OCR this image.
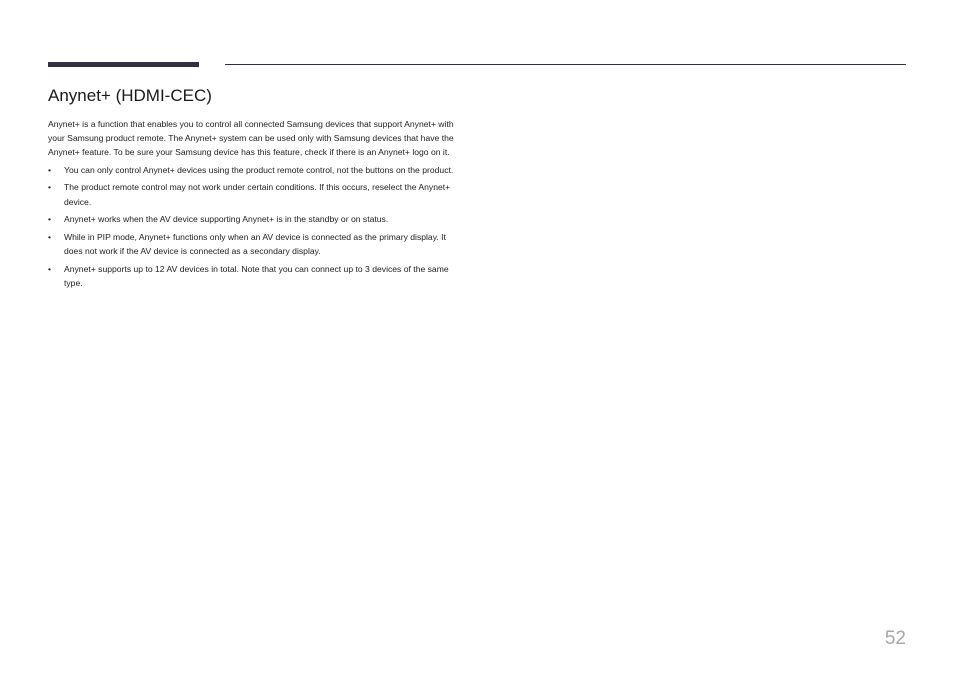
Anynet+ (HDMI-CEC)

Anynet+ is a function that enables you to control all connected Samsung devices that support Anynet+ with your Samsung product remote. The Anynet+ system can be used only with Samsung devices that have the Anynet+ feature. To be sure your Samsung device has this feature, check if there is an Anynet+ logo on it.

• You can only control Anynet+ devices using the product remote control, not the buttons on the product.
• The product remote control may not work under certain conditions. If this occurs, reselect the Anynet+ device.
• Anynet+ works when the AV device supporting Anynet+ is in the standby or on status.
• While in PIP mode, Anynet+ functions only when an AV device is connected as the primary display. It does not work if the AV device is connected as a secondary display.
• Anynet+ supports up to 12 AV devices in total. Note that you can connect up to 3 devices of the same type.
52
